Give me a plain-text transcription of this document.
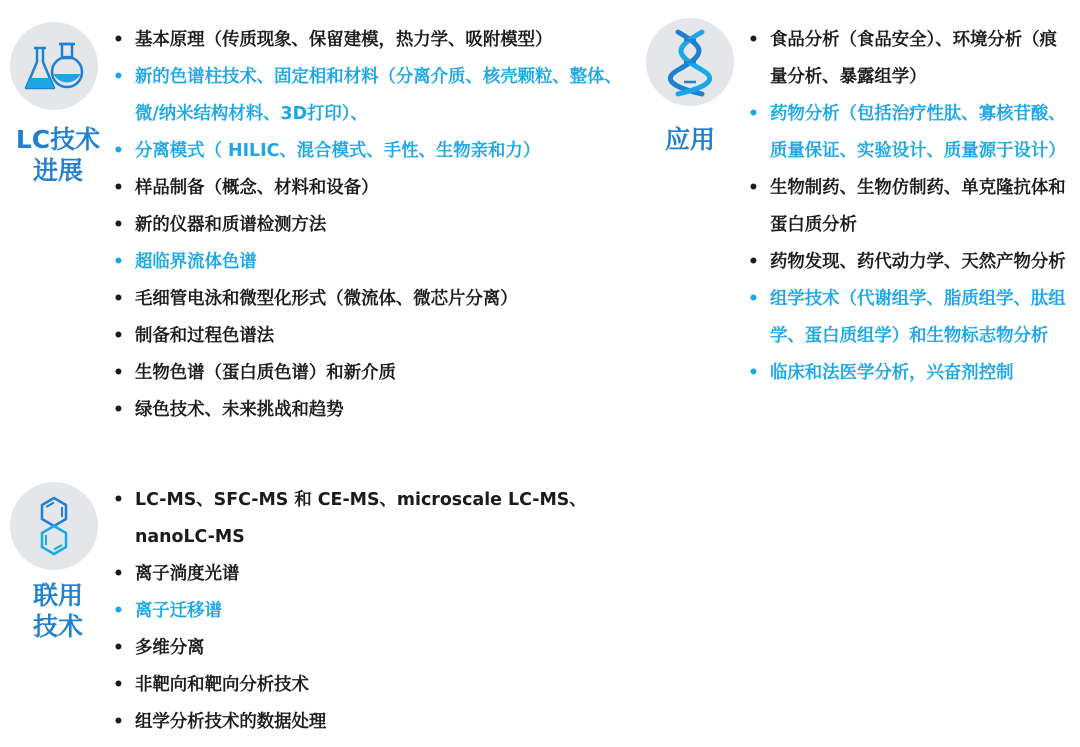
LC技术
进展
• 基本原理（传质现象、保留建模，热力学、吸附模型）
• 新的色谱柱技术、固定相和材料（分离介质、核壳颗粒、整体、微/纳米结构材料、3D打印）、
• 分离模式（ HILIC、混合模式、手性、生物亲和力）
• 样品制备（概念、材料和设备）
• 新的仪器和质谱检测方法
• 超临界流体色谱
• 毛细管电泳和微型化形式（微流体、微芯片分离）
• 制备和过程色谱法
• 生物色谱（蛋白质色谱）和新介质
• 绿色技术、未来挑战和趋势
联用
技术
• LC-MS、SFC-MS 和 CE-MS、microscale LC-MS、nanoLC-MS
• 离子淌度光谱
• 离子迁移谱
• 多维分离
• 非靶向和靶向分析技术
• 组学分析技术的数据处理
应用
• 食品分析（食品安全）、环境分析（痕量分析、暴露组学）
• 药物分析（包括治疗性肽、寡核苷酸、质量保证、实验设计、质量源于设计）
• 生物制药、生物仿制药、单克隆抗体和蛋白质分析
• 药物发现、药代动力学、天然产物分析
• 组学技术（代谢组学、脂质组学、肽组学、蛋白质组学）和生物标志物分析
• 临床和法医学分析，兴奋剂控制
